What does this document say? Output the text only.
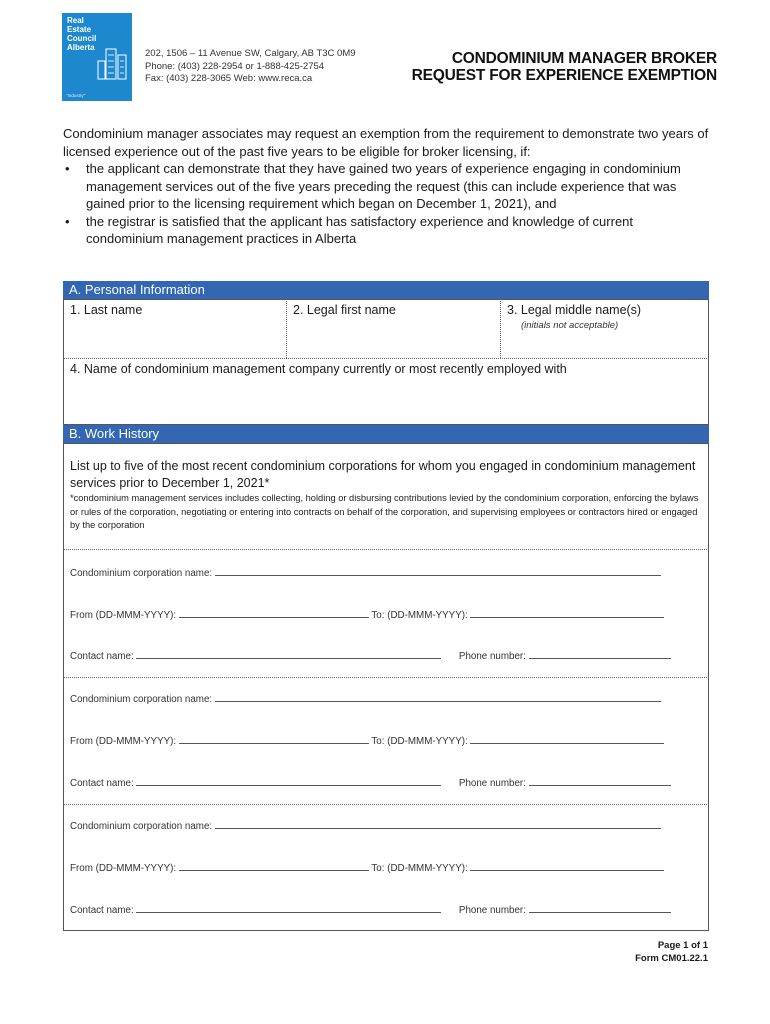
Real
Estate
Council
Alberta
"Industry"
202, 1506 – 11 Avenue SW, Calgary, AB T3C 0M9
Phone: (403) 228-2954 or 1-888-425-2754
Fax: (403) 228-3065 Web: www.reca.ca
CONDOMINIUM MANAGER BROKER
REQUEST FOR EXPERIENCE EXEMPTION

Condominium manager associates may request an exemption from the requirement to demonstrate two years of licensed experience out of the past five years to be eligible for broker licensing, if:

• the applicant can demonstrate that they have gained two years of experience engaging in condominium management services out of the five years preceding the request (this can include experience that was gained prior to the licensing requirement which began on December 1, 2021), and
• the registrar is satisfied that the applicant has satisfactory experience and knowledge of current condominium management practices in Alberta
A. Personal Information
1. Last name	2. Legal first name	3. Legal middle name(s)
(initials not acceptable)
4. Name of condominium management company currently or most recently employed with
B. Work History
List up to five of the most recent condominium corporations for whom you engaged in condominium management services prior to December 1, 2021*
*condominium management services includes collecting, holding or disbursing contributions levied by the condominium corporation, enforcing the bylaws or rules of the corporation, negotiating or entering into contracts on behalf of the corporation, and supervising employees or contractors hired or engaged by the corporation
Condominium corporation name:
From (DD-MMM-YYYY):	To: (DD-MMM-YYYY):
Contact name:	Phone number:
Condominium corporation name:
From (DD-MMM-YYYY):	To: (DD-MMM-YYYY):
Contact name:	Phone number:
Condominium corporation name:
From (DD-MMM-YYYY):	To: (DD-MMM-YYYY):
Contact name:	Phone number:
Page 1 of 1
Form CM01.22.1
